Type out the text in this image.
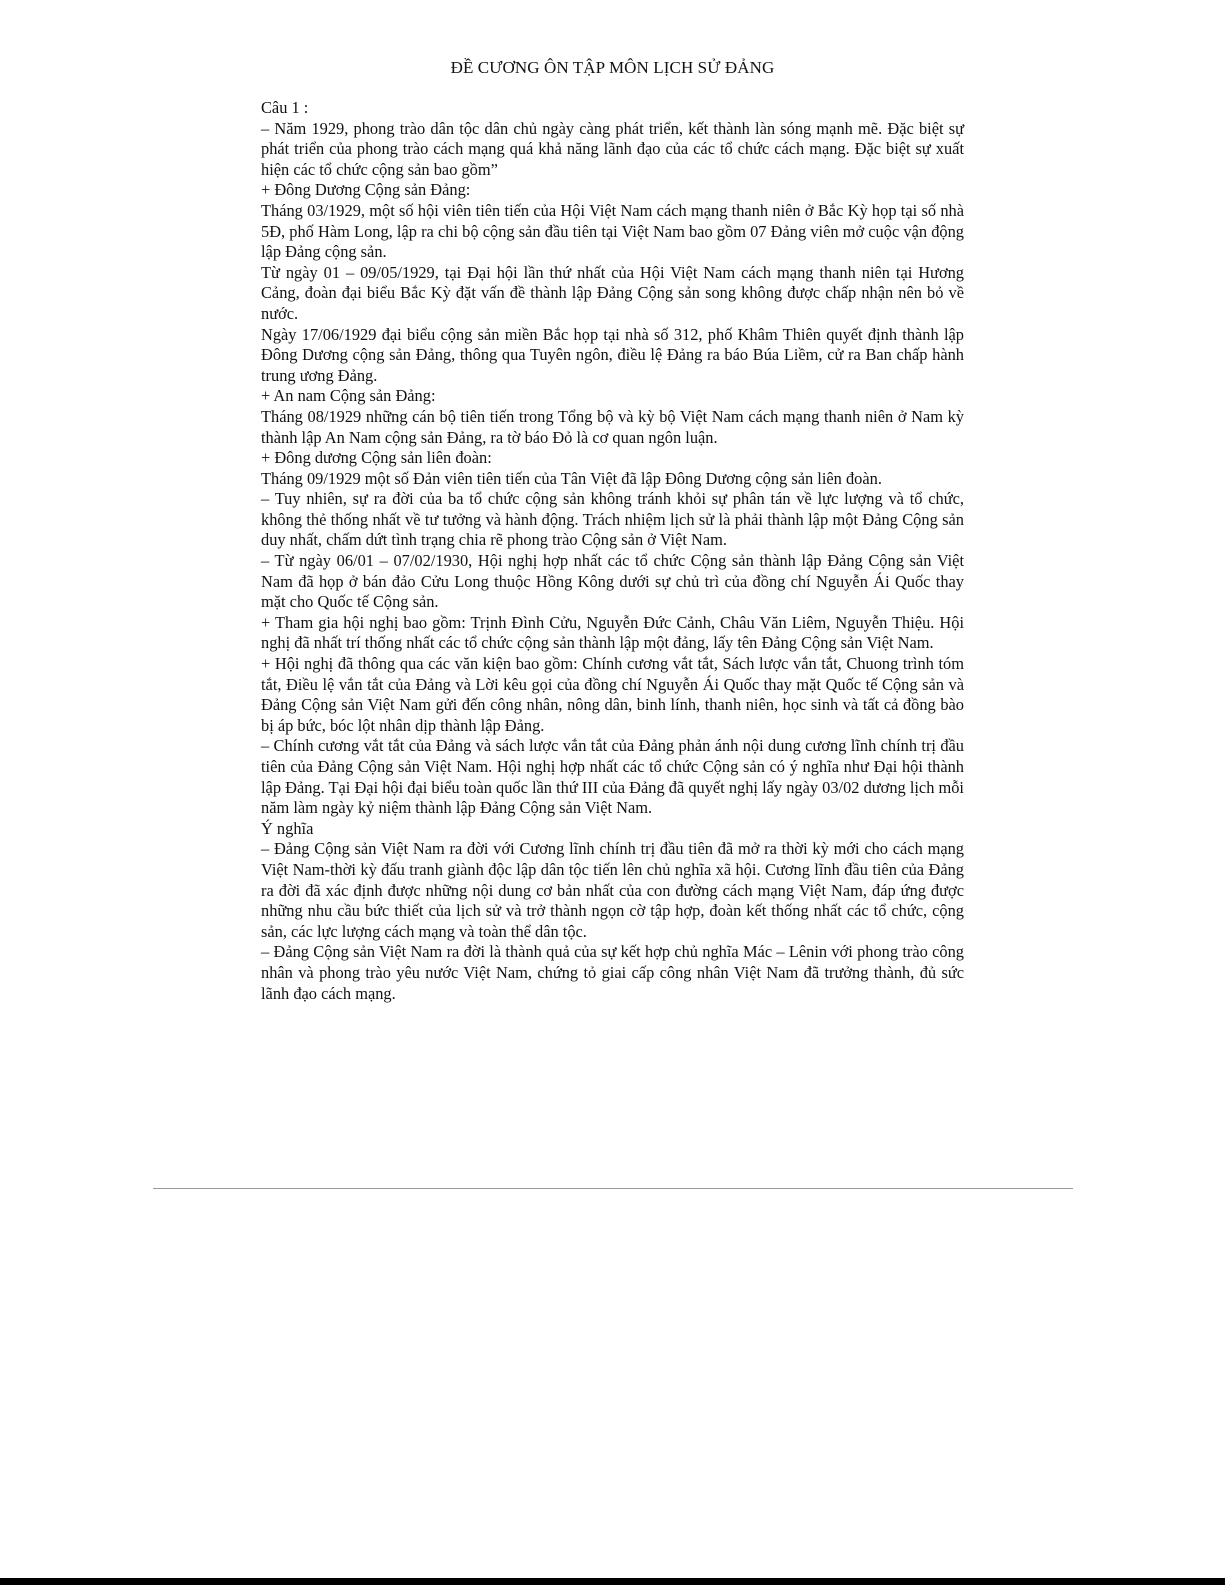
ĐỀ CƯƠNG ÔN TẬP MÔN LỊCH SỬ ĐẢNG

Câu 1 :

– Năm 1929, phong trào dân tộc dân chủ ngày càng phát triển, kết thành làn sóng mạnh mẽ. Đặc biệt sự phát triển của phong trào cách mạng quá khả năng lãnh đạo của các tổ chức cách mạng. Đặc biệt sự xuất hiện các tổ chức cộng sản bao gồm”

+ Đông Dương Cộng sản Đảng:

Tháng 03/1929, một số hội viên tiên tiến của Hội Việt Nam cách mạng thanh niên ở Bắc Kỳ họp tại số nhà 5Đ, phố Hàm Long, lập ra chi bộ cộng sản đầu tiên tại Việt Nam bao gồm 07 Đảng viên mở cuộc vận động lập Đảng cộng sản.

Từ ngày 01 – 09/05/1929, tại Đại hội lần thứ nhất của Hội Việt Nam cách mạng thanh niên tại Hương Cảng, đoàn đại biểu Bắc Kỳ đặt vấn đề thành lập Đảng Cộng sản song không được chấp nhận nên bỏ về nước.

Ngày 17/06/1929 đại biểu cộng sản miền Bắc họp tại nhà số 312, phố Khâm Thiên quyết định thành lập Đông Dương cộng sản Đảng, thông qua Tuyên ngôn, điều lệ Đảng ra báo Búa Liềm, cử ra Ban chấp hành trung ương Đảng.

+ An nam Cộng sản Đảng:

Tháng 08/1929 những cán bộ tiên tiến trong Tổng bộ và kỳ bộ Việt Nam cách mạng thanh niên ở Nam kỳ thành lập An Nam cộng sản Đảng, ra tờ báo Đỏ là cơ quan ngôn luận.

+ Đông dương Cộng sản liên đoàn:

Tháng 09/1929 một số Đản viên tiên tiến của Tân Việt đã lập Đông Dương cộng sản liên đoàn.

– Tuy nhiên, sự ra đời của ba tổ chức cộng sản không tránh khỏi sự phân tán về lực lượng và tổ chức, không thẻ thống nhất về tư tưởng và hành động. Trách nhiệm lịch sử là phải thành lập một Đảng Cộng sản duy nhất, chấm dứt tình trạng chia rẽ phong trào Cộng sản ở Việt Nam.

– Từ ngày 06/01 – 07/02/1930, Hội nghị hợp nhất các tổ chức Cộng sản thành lập Đảng Cộng sản Việt Nam đã họp ở bán đảo Cửu Long thuộc Hồng Kông dưới sự chủ trì của đồng chí Nguyễn Ái Quốc thay mặt cho Quốc tế Cộng sản.

+ Tham gia hội nghị bao gồm: Trịnh Đình Cửu, Nguyễn Đức Cảnh, Châu Văn Liêm, Nguyễn Thiệu. Hội nghị đã nhất trí thống nhất các tổ chức cộng sản thành lập một đảng, lấy tên Đảng Cộng sản Việt Nam.

+ Hội nghị đã thông qua các văn kiện bao gồm: Chính cương vắt tắt, Sách lược vắn tắt, Chuong trình tóm tắt, Điều lệ vắn tắt của Đảng và Lời kêu gọi của đồng chí Nguyễn Ái Quốc thay mặt Quốc tế Cộng sản và Đảng Cộng sản Việt Nam gửi đến công nhân, nông dân, binh lính, thanh niên, học sinh và tất cả đồng bào bị áp bức, bóc lột nhân dịp thành lập Đảng.

– Chính cương vắt tắt của Đảng và sách lược vắn tắt của Đảng phản ánh nội dung cương lĩnh chính trị đầu tiên của Đảng Cộng sản Việt Nam. Hội nghị hợp nhất các tổ chức Cộng sản có ý nghĩa như Đại hội thành lập Đảng. Tại Đại hội đại biểu toàn quốc lần thứ III của Đảng đã quyết nghị lấy ngày 03/02 dương lịch mỗi năm làm ngày kỷ niệm thành lập Đảng Cộng sản Việt Nam.

Ý nghĩa

– Đảng Cộng sản Việt Nam ra đời với Cương lĩnh chính trị đầu tiên đã mở ra thời kỳ mới cho cách mạng Việt Nam-thời kỳ đấu tranh giành độc lập dân tộc tiến lên chủ nghĩa xã hội. Cương lĩnh đầu tiên của Đảng ra đời đã xác định được những nội dung cơ bản nhất của con đường cách mạng Việt Nam, đáp ứng được những nhu cầu bức thiết của lịch sử và trở thành ngọn cờ tập hợp, đoàn kết thống nhất các tổ chức, cộng sản, các lực lượng cách mạng và toàn thể dân tộc.

– Đảng Cộng sản Việt Nam ra đời là thành quả của sự kết hợp chủ nghĩa Mác – Lênin với phong trào công nhân và phong trào yêu nước Việt Nam, chứng tỏ giai cấp công nhân Việt Nam đã trưởng thành, đủ sức lãnh đạo cách mạng.
